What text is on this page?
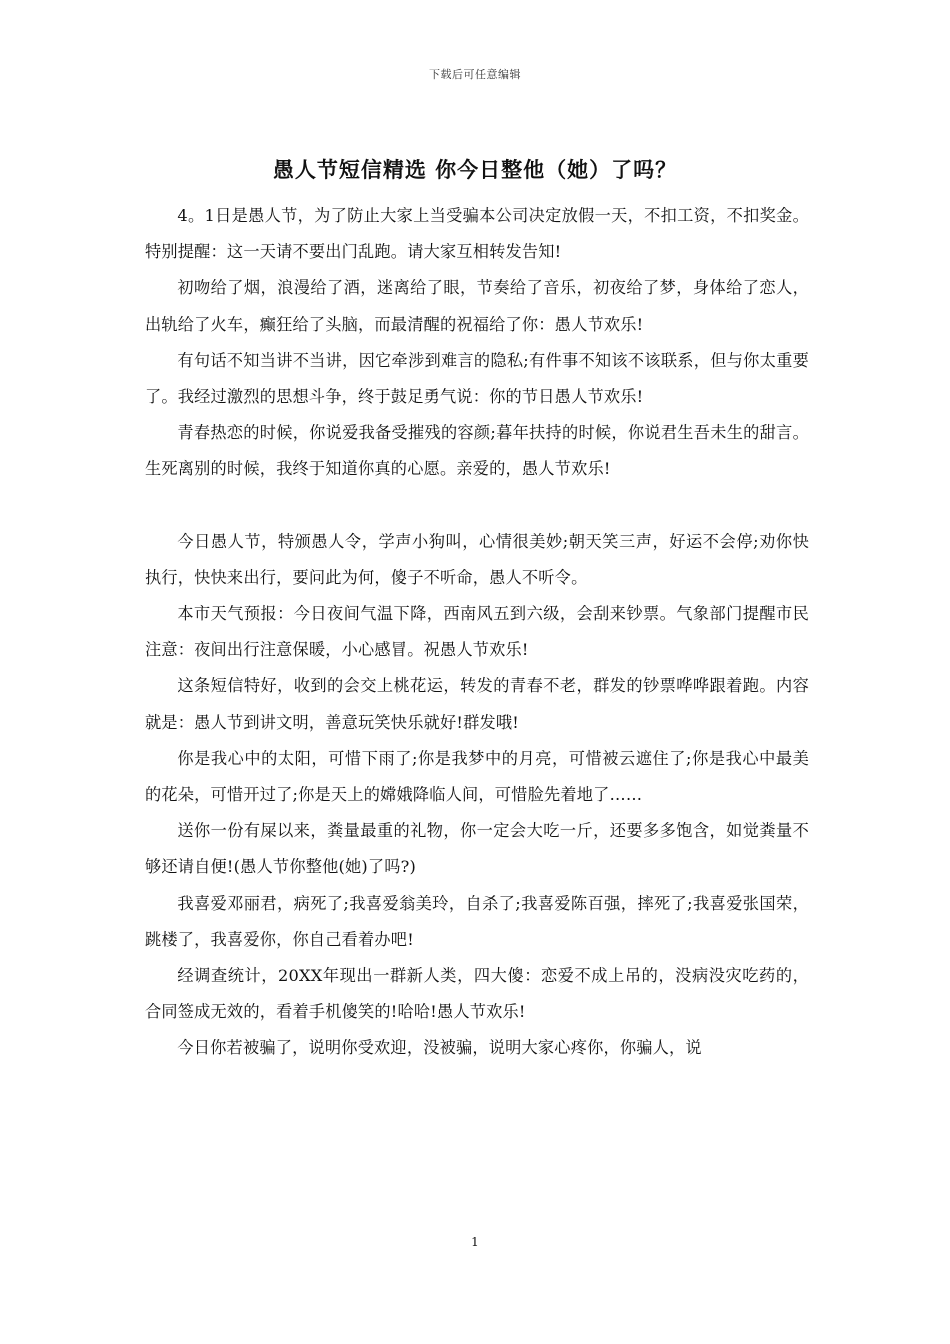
下载后可任意编辑
愚人节短信精选 你今日整他（她）了吗？

4。1日是愚人节，为了防止大家上当受骗本公司决定放假一天，不扣工资，不扣奖金。特别提醒：这一天请不要出门乱跑。请大家互相转发告知!

初吻给了烟，浪漫给了酒，迷离给了眼，节奏给了音乐，初夜给了梦，身体给了恋人，出轨给了火车，癫狂给了头脑，而最清醒的祝福给了你：愚人节欢乐!

有句话不知当讲不当讲，因它牵涉到难言的隐私;有件事不知该不该联系，但与你太重要了。我经过激烈的思想斗争，终于鼓足勇气说：你的节日愚人节欢乐!

青春热恋的时候，你说爱我备受摧残的容颜;暮年扶持的时候，你说君生吾未生的甜言。生死离别的时候，我终于知道你真的心愿。亲爱的，愚人节欢乐!

今日愚人节，特颁愚人令，学声小狗叫，心情很美妙;朝天笑三声，好运不会停;劝你快执行，快快来出行，要问此为何，傻子不听命，愚人不听令。

本市天气预报：今日夜间气温下降，西南风五到六级，会刮来钞票。气象部门提醒市民注意：夜间出行注意保暖，小心感冒。祝愚人节欢乐!

这条短信特好，收到的会交上桃花运，转发的青春不老，群发的钞票哗哗跟着跑。内容就是：愚人节到讲文明，善意玩笑快乐就好!群发哦!

你是我心中的太阳，可惜下雨了;你是我梦中的月亮，可惜被云遮住了;你是我心中最美的花朵，可惜开过了;你是天上的嫦娥降临人间，可惜脸先着地了……

送你一份有屎以来，粪量最重的礼物，你一定会大吃一斤，还要多多饱含，如觉粪量不够还请自便!(愚人节你整他(她)了吗?)

我喜爱邓丽君，病死了;我喜爱翁美玲，自杀了;我喜爱陈百强，摔死了;我喜爱张国荣，跳楼了，我喜爱你，你自己看着办吧!

经调查统计，20XX年现出一群新人类，四大傻：恋爱不成上吊的，没病没灾吃药的，合同签成无效的，看着手机傻笑的!哈哈!愚人节欢乐!

今日你若被骗了，说明你受欢迎，没被骗，说明大家心疼你，你骗人，说

1
